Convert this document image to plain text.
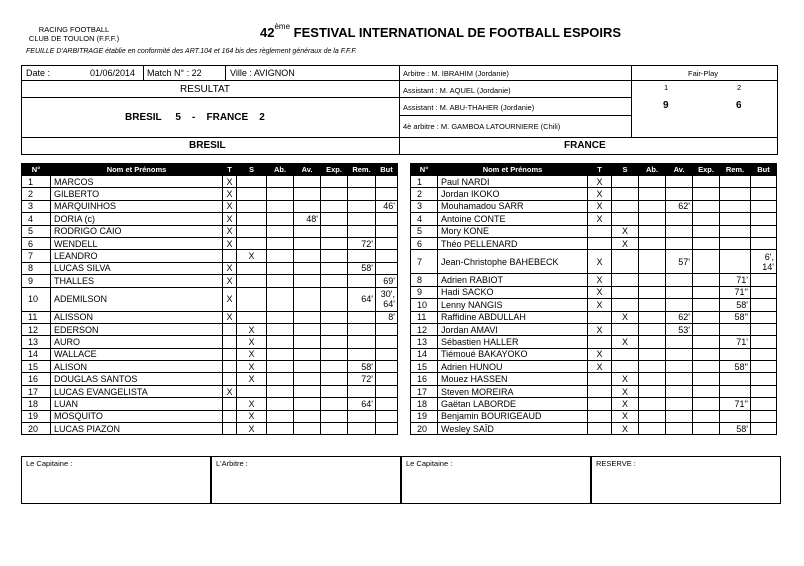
RACING FOOTBALL
CLUB DE TOULON (F.F.F.)	42ème FESTIVAL INTERNATIONAL DE FOOTBALL ESPOIRS
FEUILLE D'ARBITRAGE établie en conformité des ART.104 et 164 bis des règlement généraux de la F.F.F.
Date :	01/06/2014 Match N° : 22	Ville : AVIGNON
RESULTAT
BRESIL     5    -    FRANCE    2
Arbitre : M. IBRAHIM (Jordanie)
Assistant : M. AQUEL (Jordanie)
Assistant : M. ABU-THAHER (Jordanie)
4è arbitre : M. GAMBOA LATOURNIERE (Chili)
Fair-Play
1	2
9	6
BRESIL	FRANCE
N°	Nom et Prénoms	T	S	Ab.	Av.	Exp.	Rem.	But
1	MARCOS	X						
2	GILBERTO	X						
3	MARQUINHOS	X						46'
4	DORIA (c)	X			48'			
5	RODRIGO CAIO	X						
6	WENDELL	X					72'	
7	LEANDRO		X					
8	LUCAS SILVA	X					58'	
9	THALLES	X						69'
10	ADEMILSON	X					64'	30', 64'
11	ALISSON	X						8'
12	EDERSON		X					
13	AURO		X					
14	WALLACE		X					
15	ALISON		X				58'	
16	DOUGLAS SANTOS		X				72'	
17	LUCAS EVANGELISTA	X						
18	LUAN		X				64'	
19	MOSQUITO		X					
20	LUCAS PIAZON		X					
N°	Nom et Prénoms	T	S	Ab.	Av.	Exp.	Rem.	But
1	Paul NARDI	X						
2	Jordan IKOKO	X						
3	Mouhamadou SARR	X			62'			
4	Antoine CONTE	X						
5	Mory KONE		X					
6	Théo PELLENARD		X					
7	Jean-Christophe BAHEBECK	X			57'			6', 14'
8	Adrien RABIOT	X					71'	
9	Hadi SACKO	X					71''	
10	Lenny NANGIS	X					58'	
11	Raffidine ABDULLAH		X		62'		58''	
12	Jordan AMAVI	X			53'			
13	Sébastien HALLER		X				71'	
14	Tiémoué BAKAYOKO	X						
15	Adrien HUNOU	X					58''	
16	Mouez HASSEN		X					
17	Steven MOREIRA		X					
18	Gaëtan LABORDE		X				71''	
19	Benjamin BOURIGEAUD		X					
20	Wesley SAÏD		X				58'	
Le Capitaine :	L'Arbitre :	Le Capitaine :	RESERVE :
